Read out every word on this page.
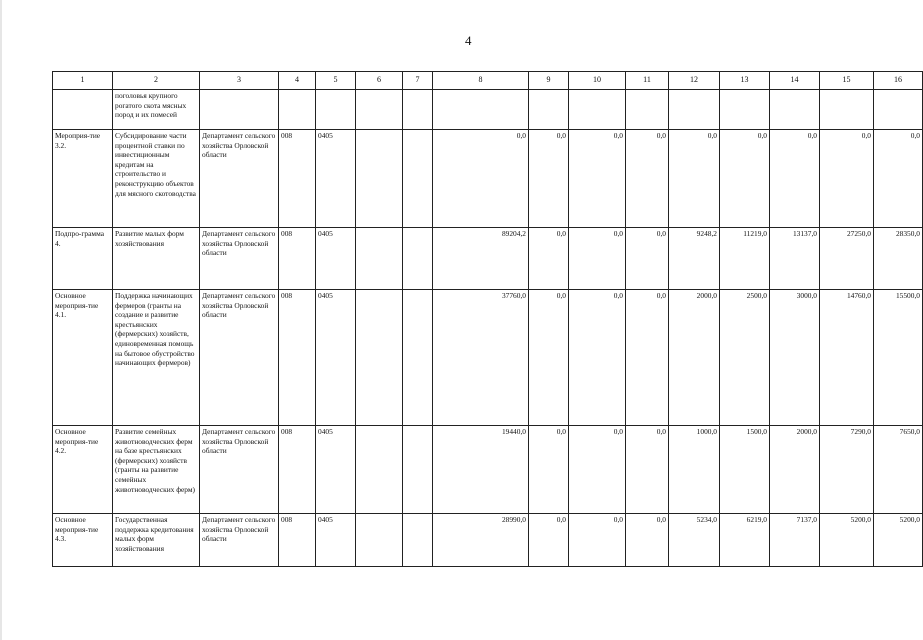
4
1	2	3	4	5	6	7	8	9	10	11	12	13	14	15	16
	поголовья крупного рогатого скота мясных пород и их помесей														
Мероприя-тие 3.2.	Субсидирование части процентной ставки по инвестиционным кредитам на строительство и реконструкцию объектов для мясного скотоводства	Департамент сельского хозяйства Орловской области	008	0405			0,0	0,0	0,0	0,0	0,0	0,0	0,0	0,0	0,0
Подпро-грамма 4.	Развитие малых форм хозяйствования	Департамент сельского хозяйства Орловской области	008	0405			89204,2	0,0	0,0	0,0	9248,2	11219,0	13137,0	27250,0	28350,0
Основное мероприя-тие 4.1.	Поддержка начинающих фермеров (гранты на создание и развитие крестьянских (фермерских) хозяйств, единовременная помощь на бытовое обустройство начинающих фермеров)	Департамент сельского хозяйства Орловской области	008	0405			37760,0	0,0	0,0	0,0	2000,0	2500,0	3000,0	14760,0	15500,0
Основное мероприя-тие 4.2.	Развитие семейных животноводческих ферм на базе крестьянских (фермерских) хозяйств (гранты на развитие семейных животноводческих ферм)	Департамент сельского хозяйства Орловской области	008	0405			19440,0	0,0	0,0	0,0	1000,0	1500,0	2000,0	7290,0	7650,0
Основное мероприя-тие 4.3.	Государственная поддержка кредитования малых форм хозяйствования	Департамент сельского хозяйства Орловской области	008	0405			28990,0	0,0	0,0	0,0	5234,0	6219,0	7137,0	5200,0	5200,0
